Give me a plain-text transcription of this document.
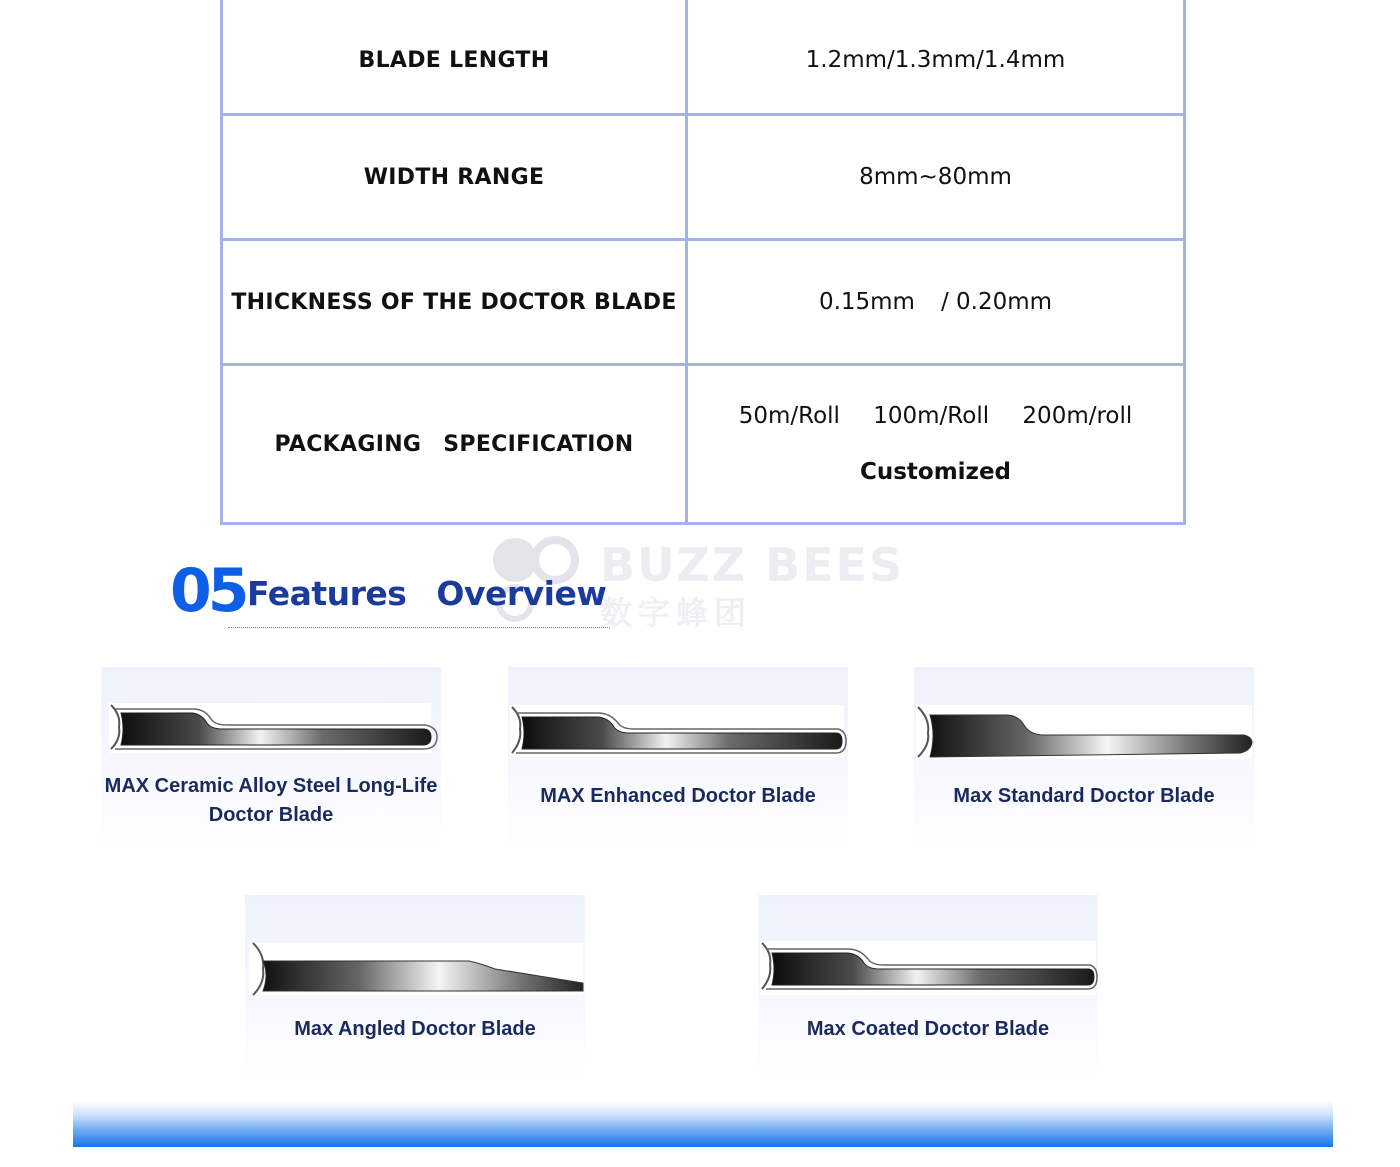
BLADE LENGTH	1.2mm/1.3mm/1.4mm
WIDTH RANGE	8mm~80mm
THICKNESS OF THE DOCTOR BLADE	0.15mm / 0.20mm
PACKAGING SPECIFICATION	50m/Roll 100m/Roll 200m/roll
Customized
BUZZ BEES
数字蜂团
05 Features Overview
MAX Ceramic Alloy Steel Long-Life
Doctor Blade
MAX Enhanced Doctor Blade	Max Standard Doctor Blade
Max Angled Doctor Blade	Max Coated Doctor Blade
